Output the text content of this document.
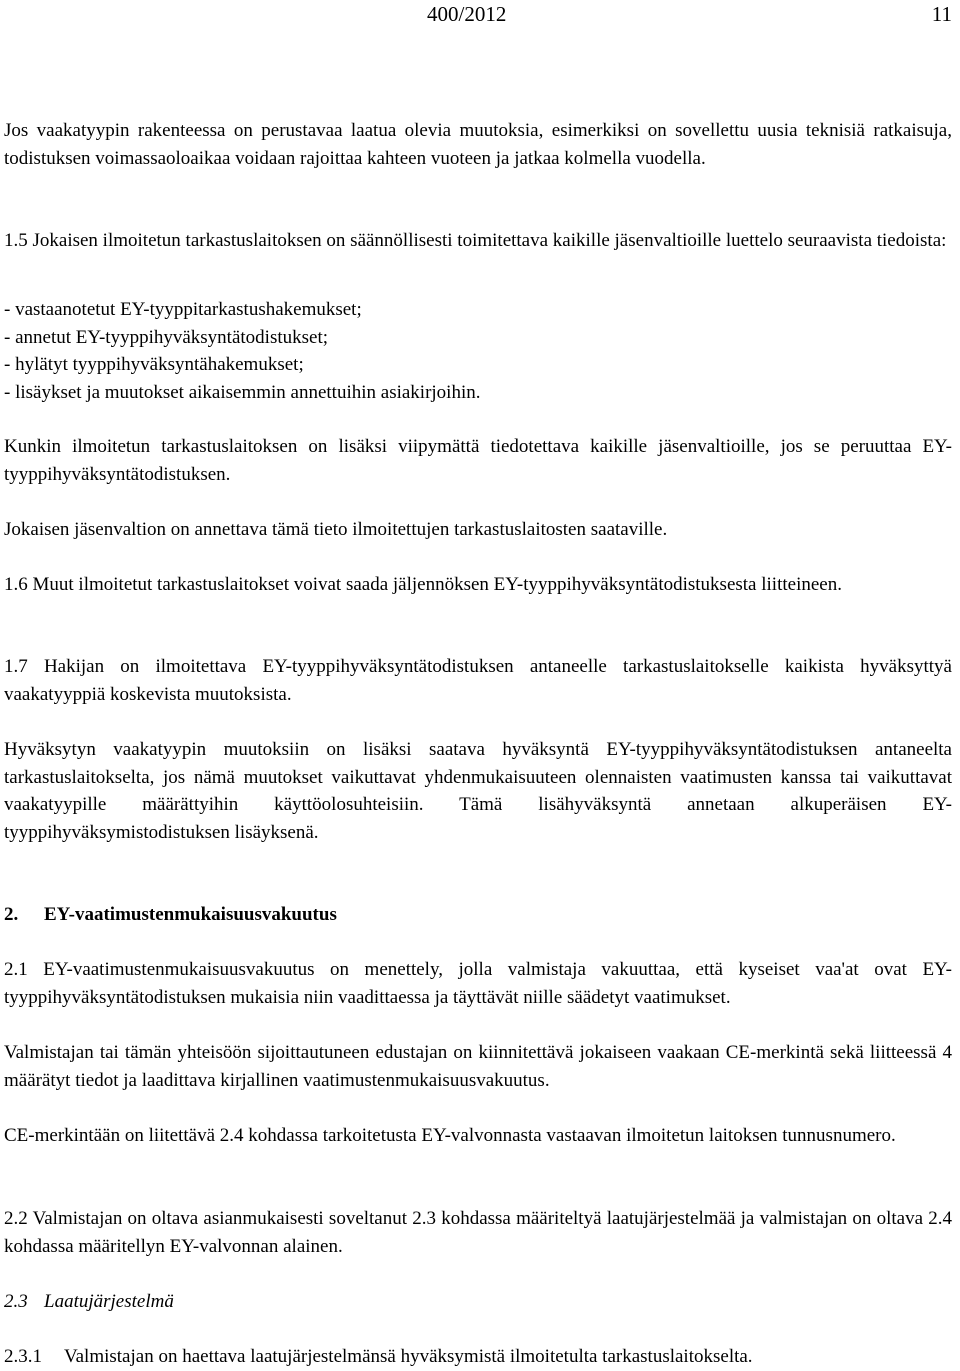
400/2012	11
Jos vaakatyypin rakenteessa on perustavaa laatua olevia muutoksia, esimerkiksi on sovellettu uusia teknisiä ratkaisuja, todistuksen voimassaoloaikaa voidaan rajoittaa kahteen vuoteen ja jatkaa kolmella vuodella.
1.5 Jokaisen ilmoitetun tarkastuslaitoksen on säännöllisesti toimitettava kaikille jäsenvaltioille luettelo seuraavista tiedoista:
- vastaanotetut EY-tyyppitarkastushakemukset;
- annetut EY-tyyppihyväksyntätodistukset;
- hylätyt tyyppihyväksyntähakemukset;
- lisäykset ja muutokset aikaisemmin annettuihin asiakirjoihin.
Kunkin ilmoitetun tarkastuslaitoksen on lisäksi viipymättä tiedotettava kaikille jäsenvaltioille, jos se peruuttaa EY-tyyppihyväksyntätodistuksen.
Jokaisen jäsenvaltion on annettava tämä tieto ilmoitettujen tarkastuslaitosten saataville.
1.6 Muut ilmoitetut tarkastuslaitokset voivat saada jäljennöksen EY-tyyppihyväksyntätodistuksesta liitteineen.
1.7 Hakijan on ilmoitettava EY-tyyppihyväksyntätodistuksen antaneelle tarkastuslaitokselle kaikista hyväksyttyä vaakatyyppiä koskevista muutoksista.
Hyväksytyn vaakatyypin muutoksiin on lisäksi saatava hyväksyntä EY-tyyppihyväksyntätodistuksen antaneelta tarkastuslaitokselta, jos nämä muutokset vaikuttavat yhdenmukaisuuteen olennaisten vaatimusten kanssa tai vaikuttavat vaakatyypille määrättyihin käyttöolosuhteisiin. Tämä lisähyväksyntä annetaan alkuperäisen EY-tyyppihyväksymistodistuksen lisäyksenä.
2. EY-vaatimustenmukaisuusvakuutus
2.1 EY-vaatimustenmukaisuusvakuutus on menettely, jolla valmistaja vakuuttaa, että kyseiset vaa'at ovat EY-tyyppihyväksyntätodistuksen mukaisia niin vaadittaessa ja täyttävät niille säädetyt vaatimukset.
Valmistajan tai tämän yhteisöön sijoittautuneen edustajan on kiinnitettävä jokaiseen vaakaan CE-merkintä sekä liitteessä 4 määrätyt tiedot ja laadittava kirjallinen vaatimustenmukaisuusvakuutus.
CE-merkintään on liitettävä 2.4 kohdassa tarkoitetusta EY-valvonnasta vastaavan ilmoitetun laitoksen tunnusnumero.
2.2 Valmistajan on oltava asianmukaisesti soveltanut 2.3 kohdassa määriteltyä laatujärjestelmää ja valmistajan on oltava 2.4 kohdassa määritellyn EY-valvonnan alainen.
2.3 Laatujärjestelmä
2.3.1 Valmistajan on haettava laatujärjestelmänsä hyväksymistä ilmoitetulta tarkastuslaitokselta.
